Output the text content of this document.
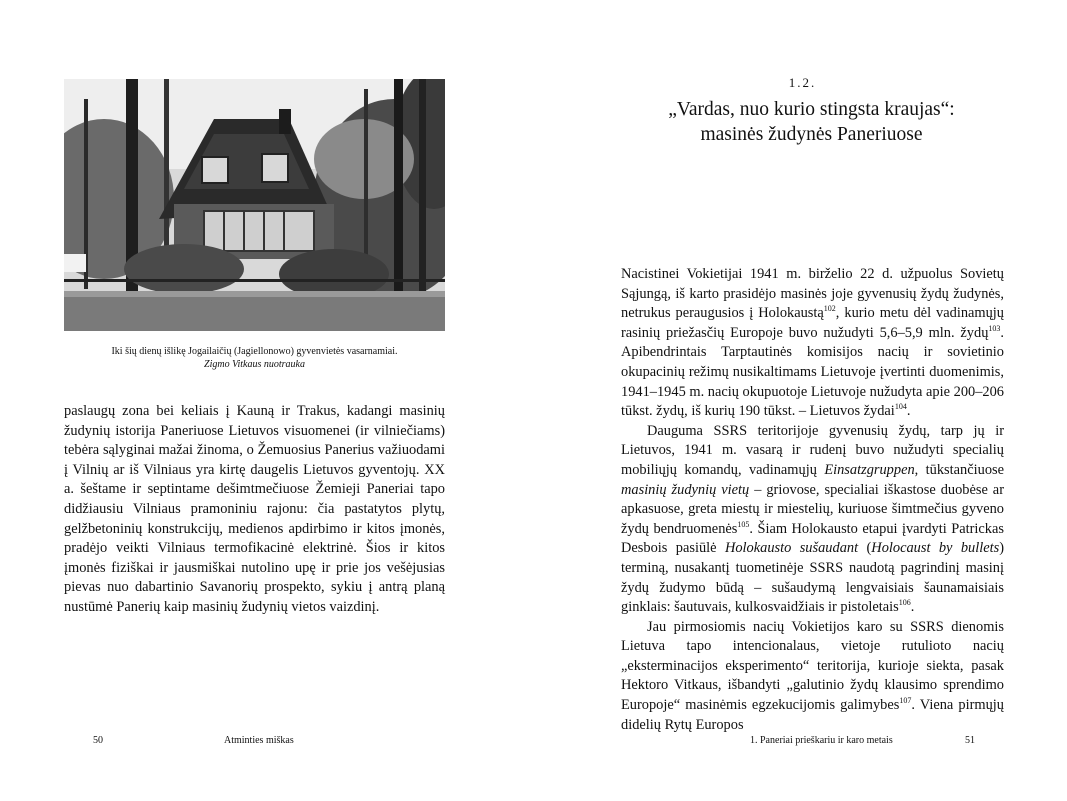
Iki šių dienų išlikę Jogailaičių (Jagiellonowo) gyvenvietės vasarnamiai.
Zigmo Vitkaus nuotrauka

paslaugų zona bei keliais į Kauną ir Trakus, kadangi masinių žudynių istorija Paneriuose Lietuvos visuomenei (ir vilniečiams) tebėra sąlyginai mažai žinoma, o Žemuosius Panerius važiuodami į Vilnių ar iš Vilniaus yra kirtę daugelis Lietuvos gyventojų. XX a. šeštame ir septintame dešimtmečiuose Žemieji Paneriai tapo didžiausiu Vilniaus pramoniniu rajonu: čia pastatytos plytų, gelžbetoninių konstrukcijų, medienos apdirbimo ir kitos įmonės, pradėjo veikti Vilniaus termofikacinė elektrinė. Šios ir kitos įmonės fiziškai ir jausmiškai nutolino upę ir prie jos vešėjusias pievas nuo dabartinio Savanorių prospekto, sykiu į antrą planą nustūmė Panerių kaip masinių žudynių vietos vaizdinį.

50	Atminties miškas
1.2.
„Vardas, nuo kurio stingsta kraujas“:
masinės žudynės Paneriuose

Nacistinei Vokietijai 1941 m. birželio 22 d. užpuolus Sovietų Sąjungą, iš karto prasidėjo masinės joje gyvenusių žydų žudynės, netrukus peraugusios į Holokaustą$^{102}$, kurio metu dėl vadinamųjų rasinių priežasčių Europoje buvo nužudyti 5,6–5,9 mln. žydų$^{103}$. Apibendrintais Tarptautinės komisijos nacių ir sovietinio okupacinių režimų nusikaltimams Lietuvoje įvertinti duomenimis, 1941–1945 m. nacių okupuotoje Lietuvoje nužudyta apie 200–206 tūkst. žydų, iš kurių 190 tūkst. – Lietuvos žydai$^{104}$.

Dauguma SSRS teritorijoje gyvenusių žydų, tarp jų ir Lietuvos, 1941 m. vasarą ir rudenį buvo nužudyti specialių mobiliųjų komandų, vadinamųjų Einsatzgruppen, tūkstančiuose masinių žudynių vietų – griovose, specialiai iškastose duobėse ar apkasuose, greta miestų ir miestelių, kuriuose šimtmečius gyveno žydų bendruomenės$^{105}$. Šiam Holokausto etapui įvardyti Patrickas Desbois pasiūlė Holokausto sušaudant (Holocaust by bullets) terminą, nusakantį tuometinėje SSRS naudotą pagrindinį masinį žydų žudymo būdą – sušaudymą lengvaisiais šaunamaisiais ginklais: šautuvais, kulkosvaidžiais ir pistoletais$^{106}$.

Jau pirmosiomis nacių Vokietijos karo su SSRS dienomis Lietuva tapo intencionalaus, vietoje rutulioto nacių „eksterminacijos eksperimento“ teritorija, kurioje siekta, pasak Hektoro Vitkaus, išbandyti „galutinio žydų klausimo sprendimo Europoje“ masinėmis egzekucijomis galimybes$^{107}$. Viena pirmųjų didelių Rytų Europos

1. Paneriai prieškariu ir karo metais	51
